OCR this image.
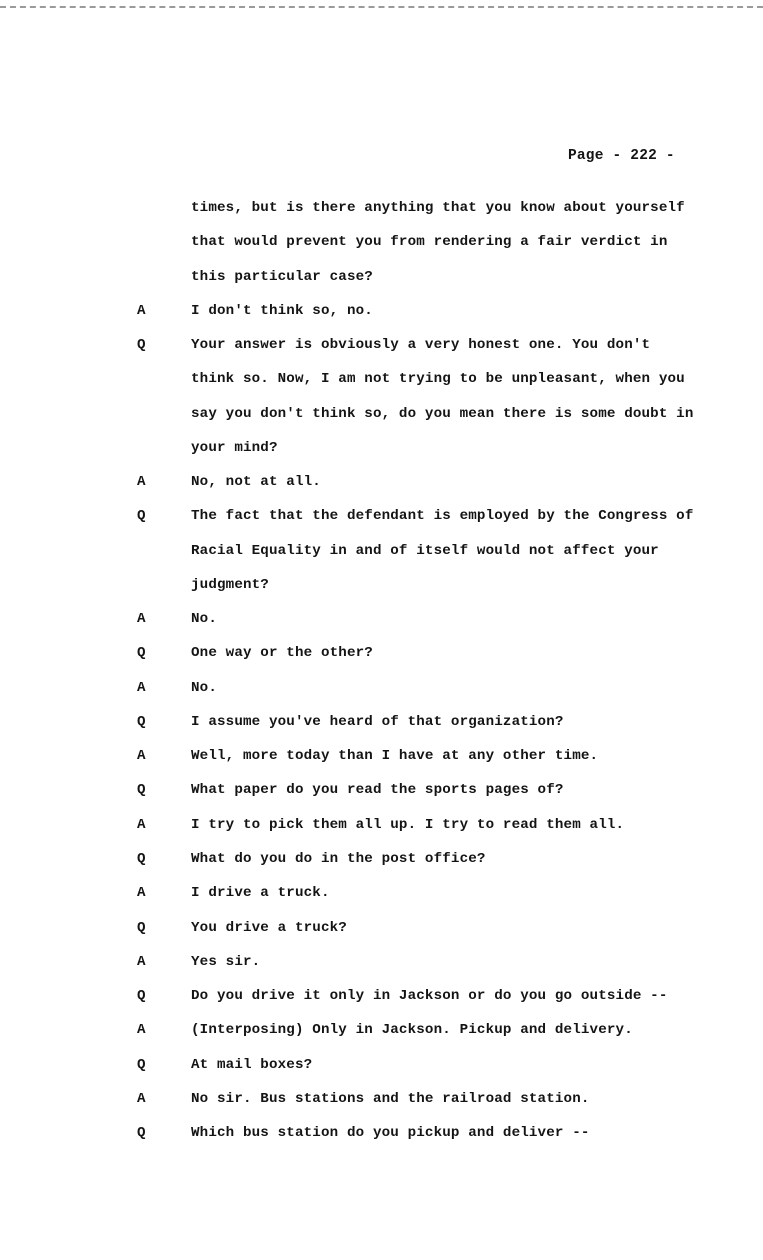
Page - 222 -
times, but is there anything that you know about yourself
that would prevent you from rendering a fair verdict in
this particular case?
A	I don't think so, no.
Q	Your answer is obviously a very honest one. You don't
think so. Now, I am not trying to be unpleasant, when you
say you don't think so, do you mean there is some doubt in
your mind?
A	No, not at all.
Q	The fact that the defendant is employed by the Congress of
Racial Equality in and of itself would not affect your
judgment?
A	No.
Q	One way or the other?
A	No.
Q	I assume you've heard of that organization?
A	Well, more today than I have at any other time.
Q	What paper do you read the sports pages of?
A	I try to pick them all up. I try to read them all.
Q	What do you do in the post office?
A	I drive a truck.
Q	You drive a truck?
A	Yes sir.
Q	Do you drive it only in Jackson or do you go outside --
A	(Interposing) Only in Jackson. Pickup and delivery.
Q	At mail boxes?
A	No sir. Bus stations and the railroad station.
Q	Which bus station do you pickup and deliver --
